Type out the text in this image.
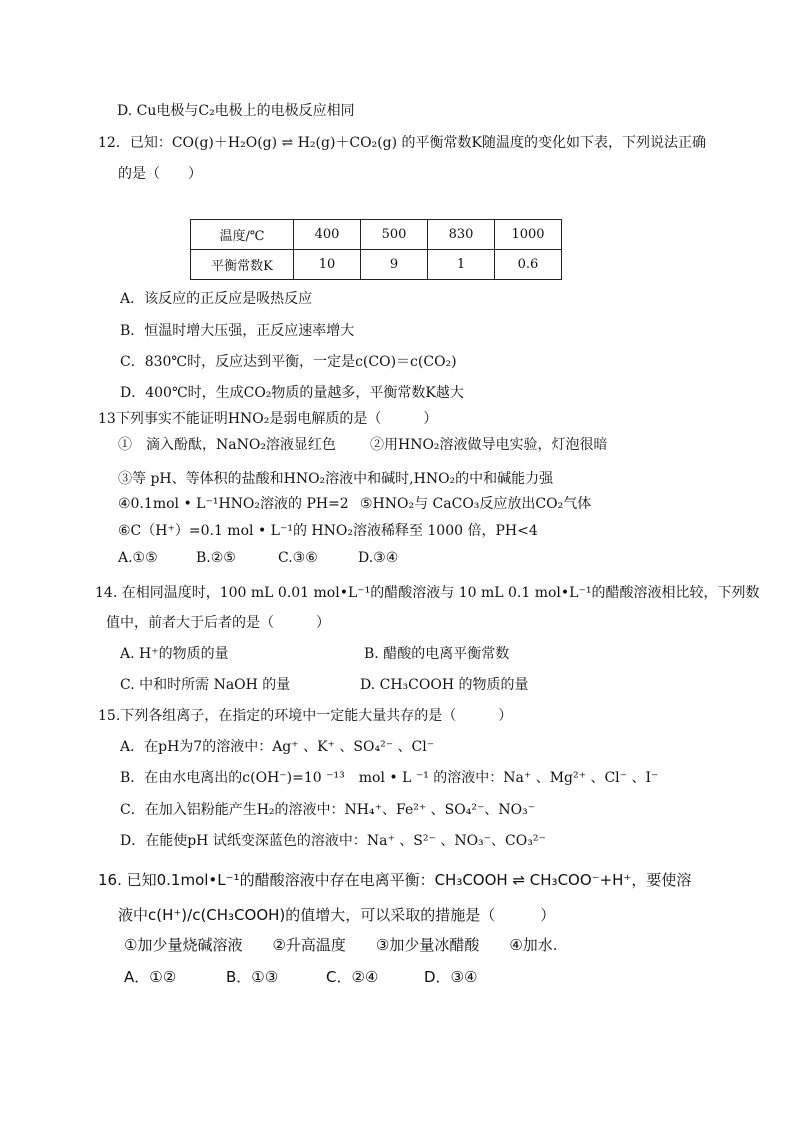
D. Cu电极与C₂电极上的电极反应相同
12．已知：CO(g)＋H₂O(g) ⇌ H₂(g)＋CO₂(g) 的平衡常数K随温度的变化如下表，下列说法正确
的是（　　）
温度/℃	400	500	830	1000
平衡常数K	10	9	1	0.6
A．该反应的正反应是吸热反应
B．恒温时增大压强，正反应速率增大
C．830℃时，反应达到平衡，一定是c(CO)＝c(CO₂)
D．400℃时，生成CO₂物质的量越多，平衡常数K越大
13下列事实不能证明HNO₂是弱电解质的是（　　　）
①　滴入酚酞，NaNO₂溶液显红色 ②用HNO₂溶液做导电实验，灯泡很暗
③等 pH、等体积的盐酸和HNO₂溶液中和碱时,HNO₂的中和碱能力强
④0.1mol • L⁻¹HNO₂溶液的 PH=2 ⑤HNO₂与 CaCO₃反应放出CO₂气体
⑥C（H⁺）=0.1 mol • L⁻¹的 HNO₂溶液稀释至 1000 倍，PH<4
A.①⑤	B.②⑤	C.③⑥	D.③④
14. 在相同温度时，100 mL 0.01 mol•L⁻¹的醋酸溶液与 10 mL 0.1 mol•L⁻¹的醋酸溶液相比较，下列数
值中，前者大于后者的是（　　　）
A. H⁺的物质的量	B. 醋酸的电离平衡常数
C. 中和时所需 NaOH 的量	D. CH₃COOH 的物质的量
15.下列各组离子，在指定的环境中一定能大量共存的是（　　　）
A．在pH为7的溶液中：Ag⁺ 、K⁺ 、SO₄²⁻ 、Cl⁻
B．在由水电离出的c(OH⁻)=10 ⁻¹³　mol • L ⁻¹ 的溶液中：Na⁺ 、Mg²⁺ 、Cl⁻ 、I⁻
C．在加入铝粉能产生H₂的溶液中：NH₄⁺、Fe²⁺ 、SO₄²⁻、NO₃⁻
D．在能使pH 试纸变深蓝色的溶液中：Na⁺ 、S²⁻ 、NO₃⁻、CO₃²⁻
16. 已知0.1mol•L⁻¹的醋酸溶液中存在电离平衡：CH₃COOH ⇌ CH₃COO⁻+H⁺，要使溶
液中c(H⁺)/c(CH₃COOH)的值增大，可以采取的措施是（　　　）
①加少量烧碱溶液　　②升高温度　　③加少量冰醋酸　　④加水.
A．①②	B．①③	C．②④	D．③④
